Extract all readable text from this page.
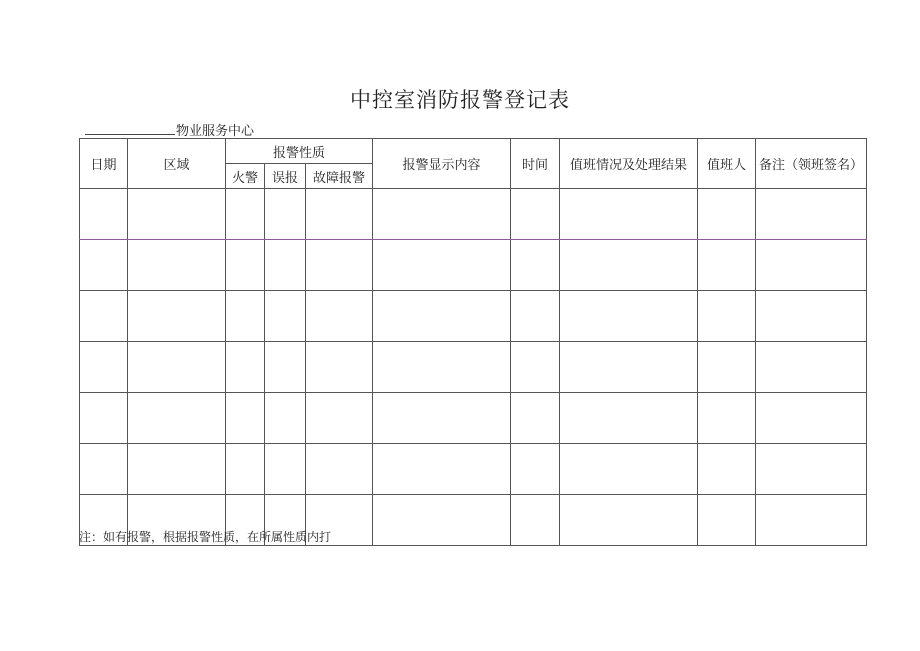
中控室消防报警登记表
物业服务中心
日期	区域	报警性质			报警显示内容	时间	值班情况及处理结果	值班人	备注（领班签名）
		火警	误报	故障报警					

注：如有报警，根据报警性质，在所属性质内打
